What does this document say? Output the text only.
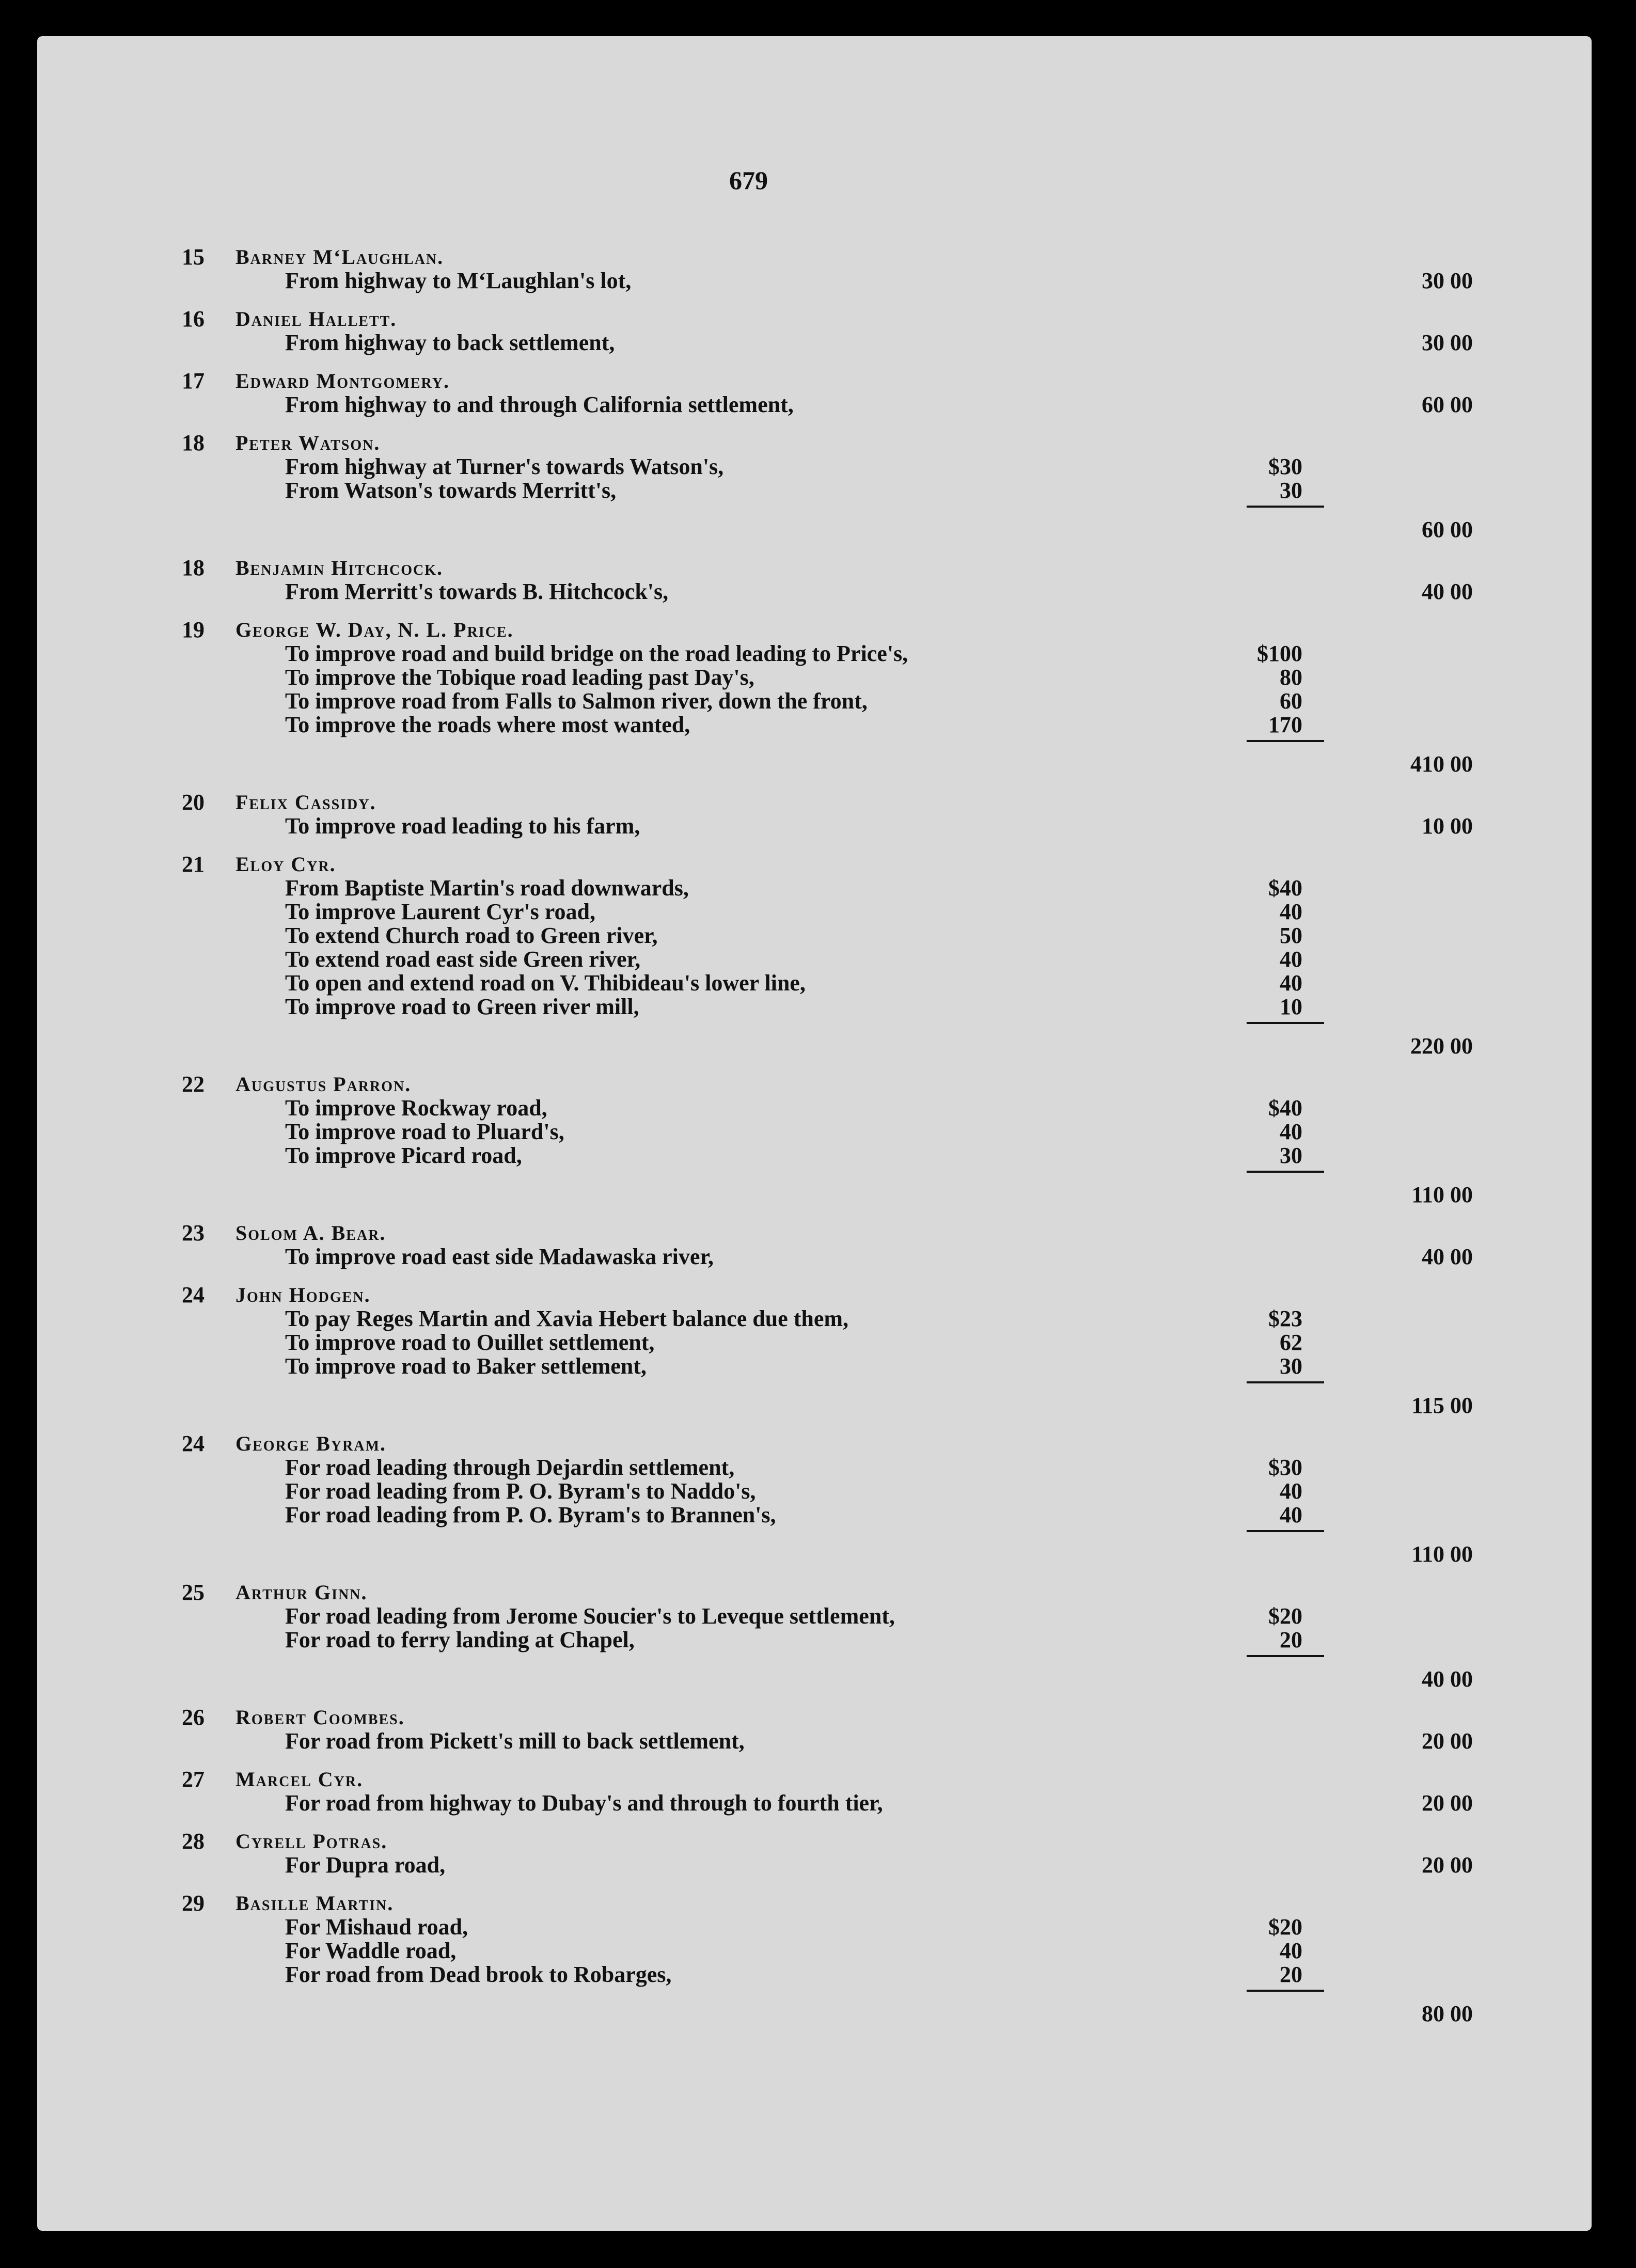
679
15 Barney M‘Laughlan.
From highway to M‘Laughlan's lot,	30 00
16 Daniel Hallett.
From highway to back settlement,	30 00
17 Edward Montgomery.
From highway to and through California settlement,	60 00
18 Peter Watson.
From highway at Turner's towards Watson's,	$30
From Watson's towards Merritt's,	30
60 00
18 Benjamin Hitchcock.
From Merritt's towards B. Hitchcock's,	40 00
19 George W. Day, N. L. Price.
To improve road and build bridge on the road leading to Price's,	$100
To improve the Tobique road leading past Day's,	80
To improve road from Falls to Salmon river, down the front,	60
To improve the roads where most wanted,	170
410 00
20 Felix Cassidy.
To improve road leading to his farm,	10 00
21 Eloy Cyr.
From Baptiste Martin's road downwards,	$40
To improve Laurent Cyr's road,	40
To extend Church road to Green river,	50
To extend road east side Green river,	40
To open and extend road on V. Thibideau's lower line,	40
To improve road to Green river mill,	10
220 00
22 Augustus Parron.
To improve Rockway road,	$40
To improve road to Pluard's,	40
To improve Picard road,	30
110 00
23 Solom A. Bear.
To improve road east side Madawaska river,	40 00
24 John Hodgen.
To pay Reges Martin and Xavia Hebert balance due them,	$23
To improve road to Ouillet settlement,	62
To improve road to Baker settlement,	30
115 00
24 George Byram.
For road leading through Dejardin settlement,	$30
For road leading from P. O. Byram's to Naddo's,	40
For road leading from P. O. Byram's to Brannen's,	40
110 00
25 Arthur Ginn.
For road leading from Jerome Soucier's to Leveque settlement,	$20
For road to ferry landing at Chapel,	20
40 00
26 Robert Coombes.
For road from Pickett's mill to back settlement,	20 00
27 Marcel Cyr.
For road from highway to Dubay's and through to fourth tier,	20 00
28 Cyrell Potras.
For Dupra road,	20 00
29 Basille Martin.
For Mishaud road,	$20
For Waddle road,	40
For road from Dead brook to Robarges,	20
80 00
